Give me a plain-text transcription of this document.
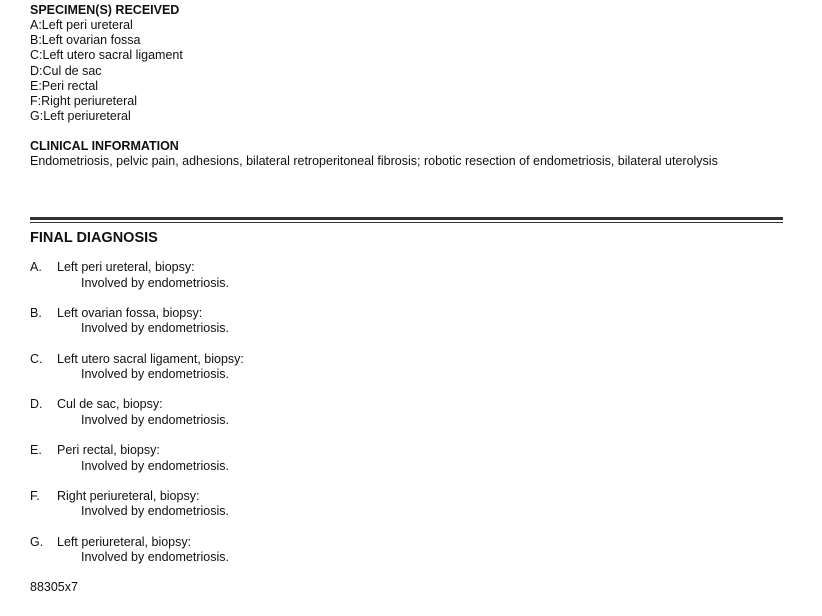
SPECIMEN(S) RECEIVED
A:Left peri ureteral
B:Left ovarian fossa
C:Left utero sacral ligament
D:Cul de sac
E:Peri rectal
F:Right periureteral
G:Left periureteral
CLINICAL INFORMATION

Endometriosis, pelvic pain, adhesions, bilateral retroperitoneal fibrosis; robotic resection of endometriosis, bilateral uterolysis

FINAL DIAGNOSIS
A. Left peri ureteral, biopsy:
Involved by endometriosis.
B. Left ovarian fossa, biopsy:
Involved by endometriosis.
C. Left utero sacral ligament, biopsy:
Involved by endometriosis.
D. Cul de sac, biopsy:
Involved by endometriosis.
E. Peri rectal, biopsy:
Involved by endometriosis.
F. Right periureteral, biopsy:
Involved by endometriosis.
G. Left periureteral, biopsy:
Involved by endometriosis.

88305x7
